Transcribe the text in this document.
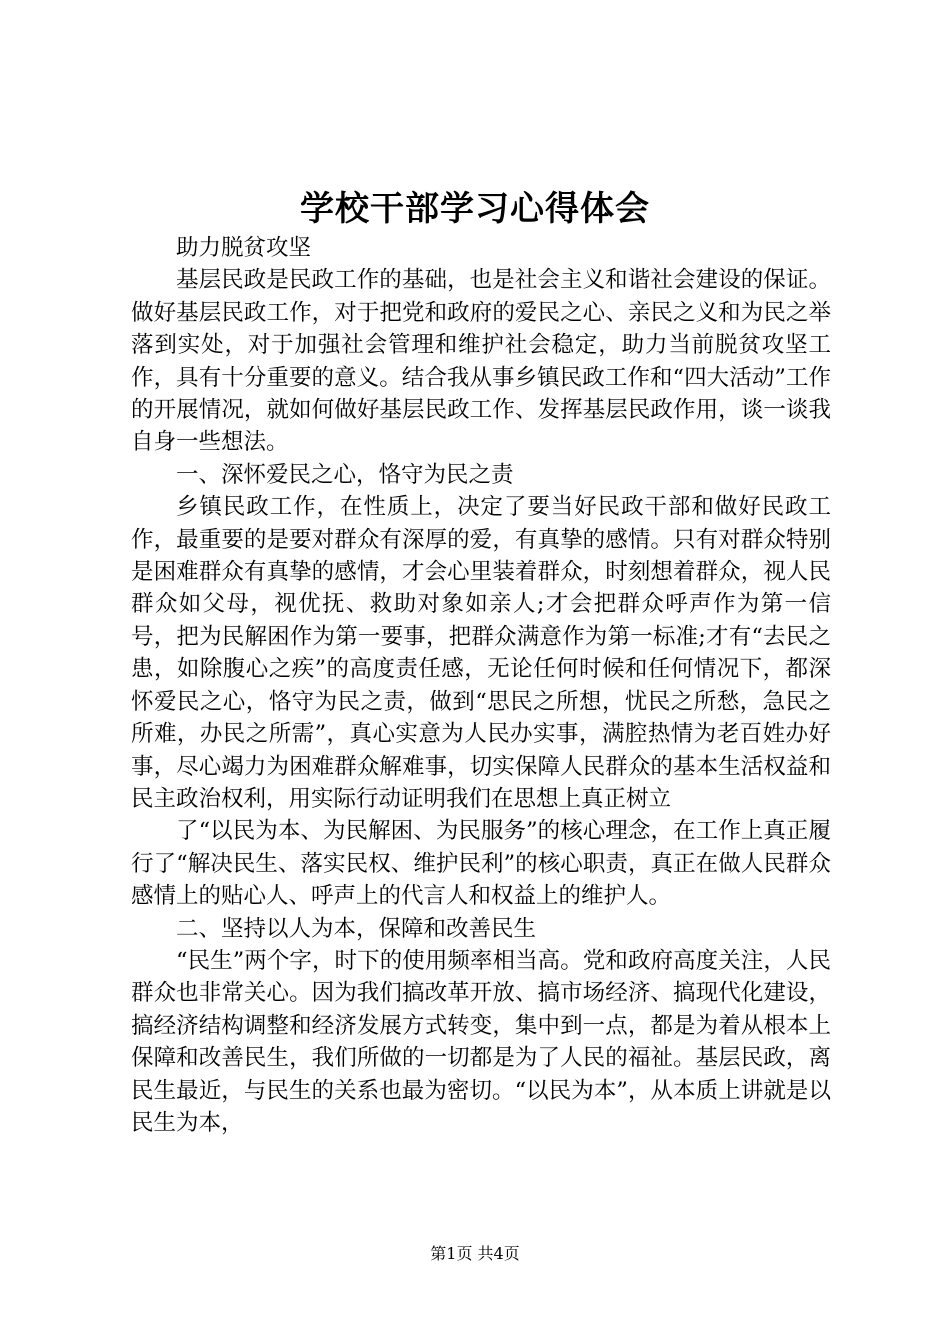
学校干部学习心得体会

助力脱贫攻坚

基层民政是民政工作的基础，也是社会主义和谐社会建设的保证。做好基层民政工作，对于把党和政府的爱民之心、亲民之义和为民之举落到实处，对于加强社会管理和维护社会稳定，助力当前脱贫攻坚工作，具有十分重要的意义。结合我从事乡镇民政工作和“四大活动”工作的开展情况，就如何做好基层民政工作、发挥基层民政作用，谈一谈我自身一些想法。

一、深怀爱民之心，恪守为民之责

乡镇民政工作，在性质上，决定了要当好民政干部和做好民政工作，最重要的是要对群众有深厚的爱，有真挚的感情。只有对群众特别是困难群众有真挚的感情，才会心里装着群众，时刻想着群众，视人民群众如父母，视优抚、救助对象如亲人;才会把群众呼声作为第一信号，把为民解困作为第一要事，把群众满意作为第一标准;才有“去民之患，如除腹心之疾”的高度责任感，无论任何时候和任何情况下，都深怀爱民之心，恪守为民之责，做到“思民之所想，忧民之所愁，急民之所难，办民之所需”，真心实意为人民办实事，满腔热情为老百姓办好事，尽心竭力为困难群众解难事，切实保障人民群众的基本生活权益和民主政治权利，用实际行动证明我们在思想上真正树立

了“以民为本、为民解困、为民服务”的核心理念，在工作上真正履行了“解决民生、落实民权、维护民利”的核心职责，真正在做人民群众感情上的贴心人、呼声上的代言人和权益上的维护人。

二、坚持以人为本，保障和改善民生

“民生”两个字，时下的使用频率相当高。党和政府高度关注，人民群众也非常关心。因为我们搞改革开放、搞市场经济、搞现代化建设，搞经济结构调整和经济发展方式转变，集中到一点，都是为着从根本上保障和改善民生，我们所做的一切都是为了人民的福祉。基层民政，离民生最近，与民生的关系也最为密切。“以民为本”，从本质上讲就是以民生为本，

第1页 共4页
